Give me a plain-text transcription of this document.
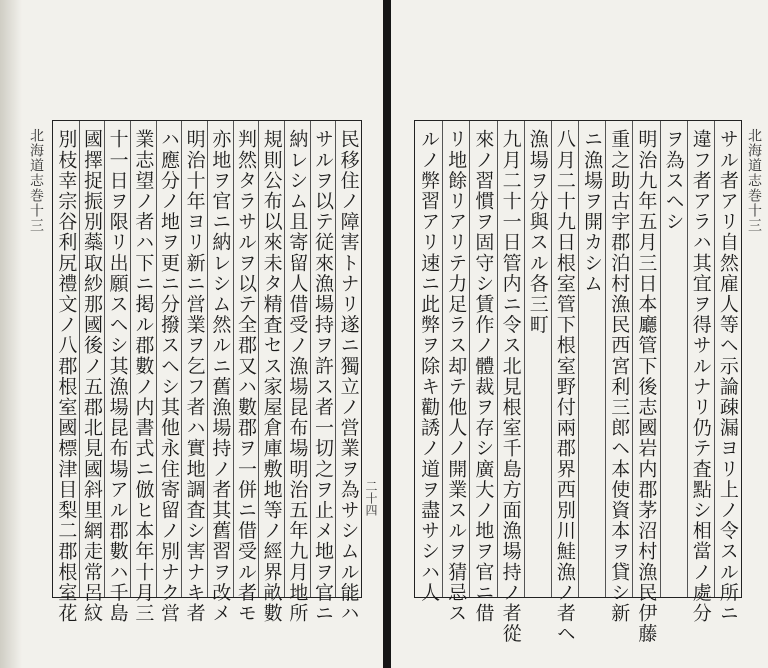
北海道志巻十三	民移住ノ障害トナリ遂ニ獨立ノ営業ヲ為サシムル能ハ
サルヲ以テ従來漁場持ヲ許ス者一切之ヲ止メ地ヲ官ニ
納レシム且寄留人借受ノ漁場昆布場明治五年九月地所
規則公布以來未タ精査セス家屋倉庫敷地等ノ經界畝數
判然タラサルヲ以テ全郡又ハ數郡ヲ一併ニ借受ル者モ
亦地ヲ官ニ納レシム然ルニ舊漁場持ノ者其舊習ヲ改メ
明治十年ヨリ新ニ営業ヲ乞フ者ハ實地調査シ害ナキ者
ハ應分ノ地ヲ更ニ分撥スヘシ其他永住寄留ノ別ナク営
業志望ノ者ハ下ニ掲ル郡數ノ内書式ニ倣ヒ本年十月三
十一日ヲ限リ出願スヘシ其漁場昆布場アル郡數ハ千島
國擇捉振別蘂取紗那國後ノ五郡北見國斜里網走常呂紋
別枝幸宗谷利尻禮文ノ八郡根室國標津目梨二郡根室花	二十四
北海道志巻十三
サル者アリ自然雇人等ヘ示論疎漏ヨリ上ノ令スル所ニ
違フ者アラハ其宜ヲ得サルナリ仍テ査點シ相當ノ處分
ヲ為スヘシ
明治九年五月三日本廳管下後志國岩内郡茅沼村漁民伊藤
重之助古宇郡泊村漁民西宮利三郎ヘ本使資本ヲ貸シ新
ニ漁場ヲ開カシム
八月二十九日根室管下根室野付兩郡界西別川鮭漁ノ者ヘ
漁場ヲ分與スル各三町
九月二十一日管内ニ令ス北見根室千島方面漁場持ノ者從
來ノ習慣ヲ固守シ賃作ノ體裁ヲ存シ廣大ノ地ヲ官ニ借
リ地餘リアリテ力足ラス却テ他人ノ開業スルヲ猜忌ス
ルノ弊習アリ速ニ此弊ヲ除キ勸誘ノ道ヲ盡サシハ人
